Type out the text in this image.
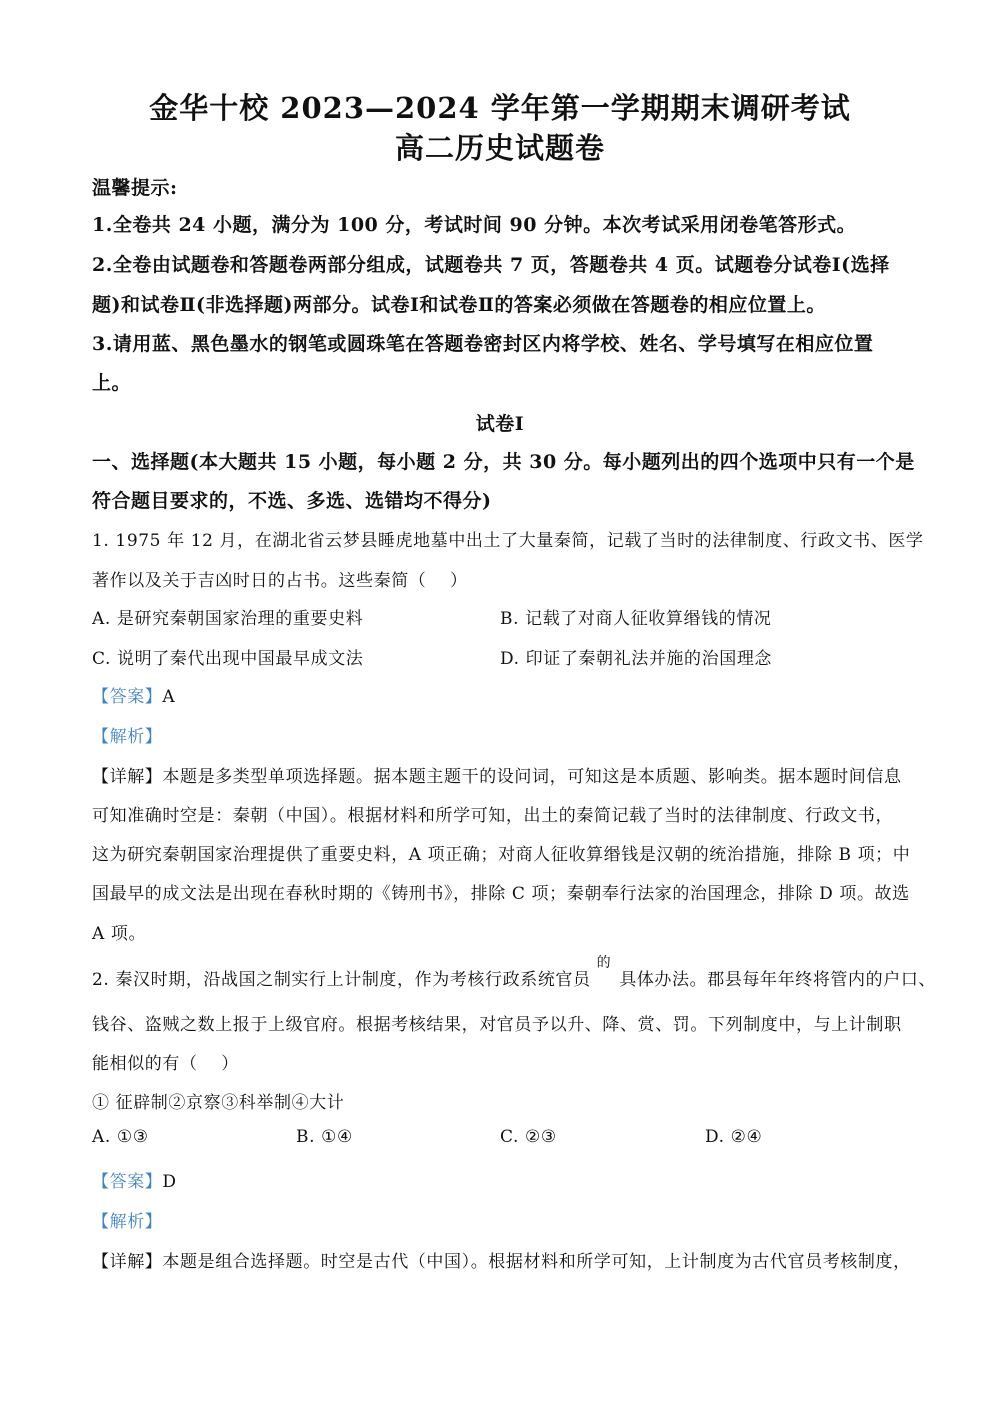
金华十校 2023—2024 学年第一学期期末调研考试
高二历史试题卷
温馨提示:
1.全卷共 24 小题，满分为 100 分，考试时间 90 分钟。本次考试采用闭卷笔答形式。
2.全卷由试题卷和答题卷两部分组成，试题卷共 7 页，答题卷共 4 页。试题卷分试卷Ⅰ(选择
题)和试卷Ⅱ(非选择题)两部分。试卷Ⅰ和试卷Ⅱ的答案必须做在答题卷的相应位置上。
3.请用蓝、黑色墨水的钢笔或圆珠笔在答题卷密封区内将学校、姓名、学号填写在相应位置
上。
试卷Ⅰ
一、选择题(本大题共 15 小题，每小题 2 分，共 30 分。每小题列出的四个选项中只有一个是
符合题目要求的，不选、多选、选错均不得分)
1. 1975 年 12 月，在湖北省云梦县睡虎地墓中出土了大量秦简，记载了当时的法律制度、行政文书、医学
著作以及关于吉凶时日的占书。这些秦简（　 ）
A. 是研究秦朝国家治理的重要史料	B. 记载了对商人征收算缗钱的情况
C. 说明了秦代出现中国最早成文法	D. 印证了秦朝礼法并施的治国理念
【答案】A
【解析】
【详解】本题是多类型单项选择题。据本题主题干的设问词，可知这是本质题、影响类。据本题时间信息
可知准确时空是：秦朝（中国）。根据材料和所学可知，出土的秦简记载了当时的法律制度、行政文书，
这为研究秦朝国家治理提供了重要史料，A 项正确；对商人征收算缗钱是汉朝的统治措施，排除 B 项；中
国最早的成文法是出现在春秋时期的《铸刑书》，排除 C 项；秦朝奉行法家的治国理念，排除 D 项。故选
A 项。
2. 秦汉时期，沿战国之制实行上计制度，作为考核行政系统官员$^的$具体办法。郡县每年年终将管内的户口、
钱谷、盗贼之数上报于上级官府。根据考核结果，对官员予以升、降、赏、罚。下列制度中，与上计制职
能相似的有（　 ）
① 征辟制②京察③科举制④大计
A. ①③	B. ①④	C. ②③	D. ②④
【答案】D
【解析】
【详解】本题是组合选择题。时空是古代（中国）。根据材料和所学可知，上计制度为古代官员考核制度，
